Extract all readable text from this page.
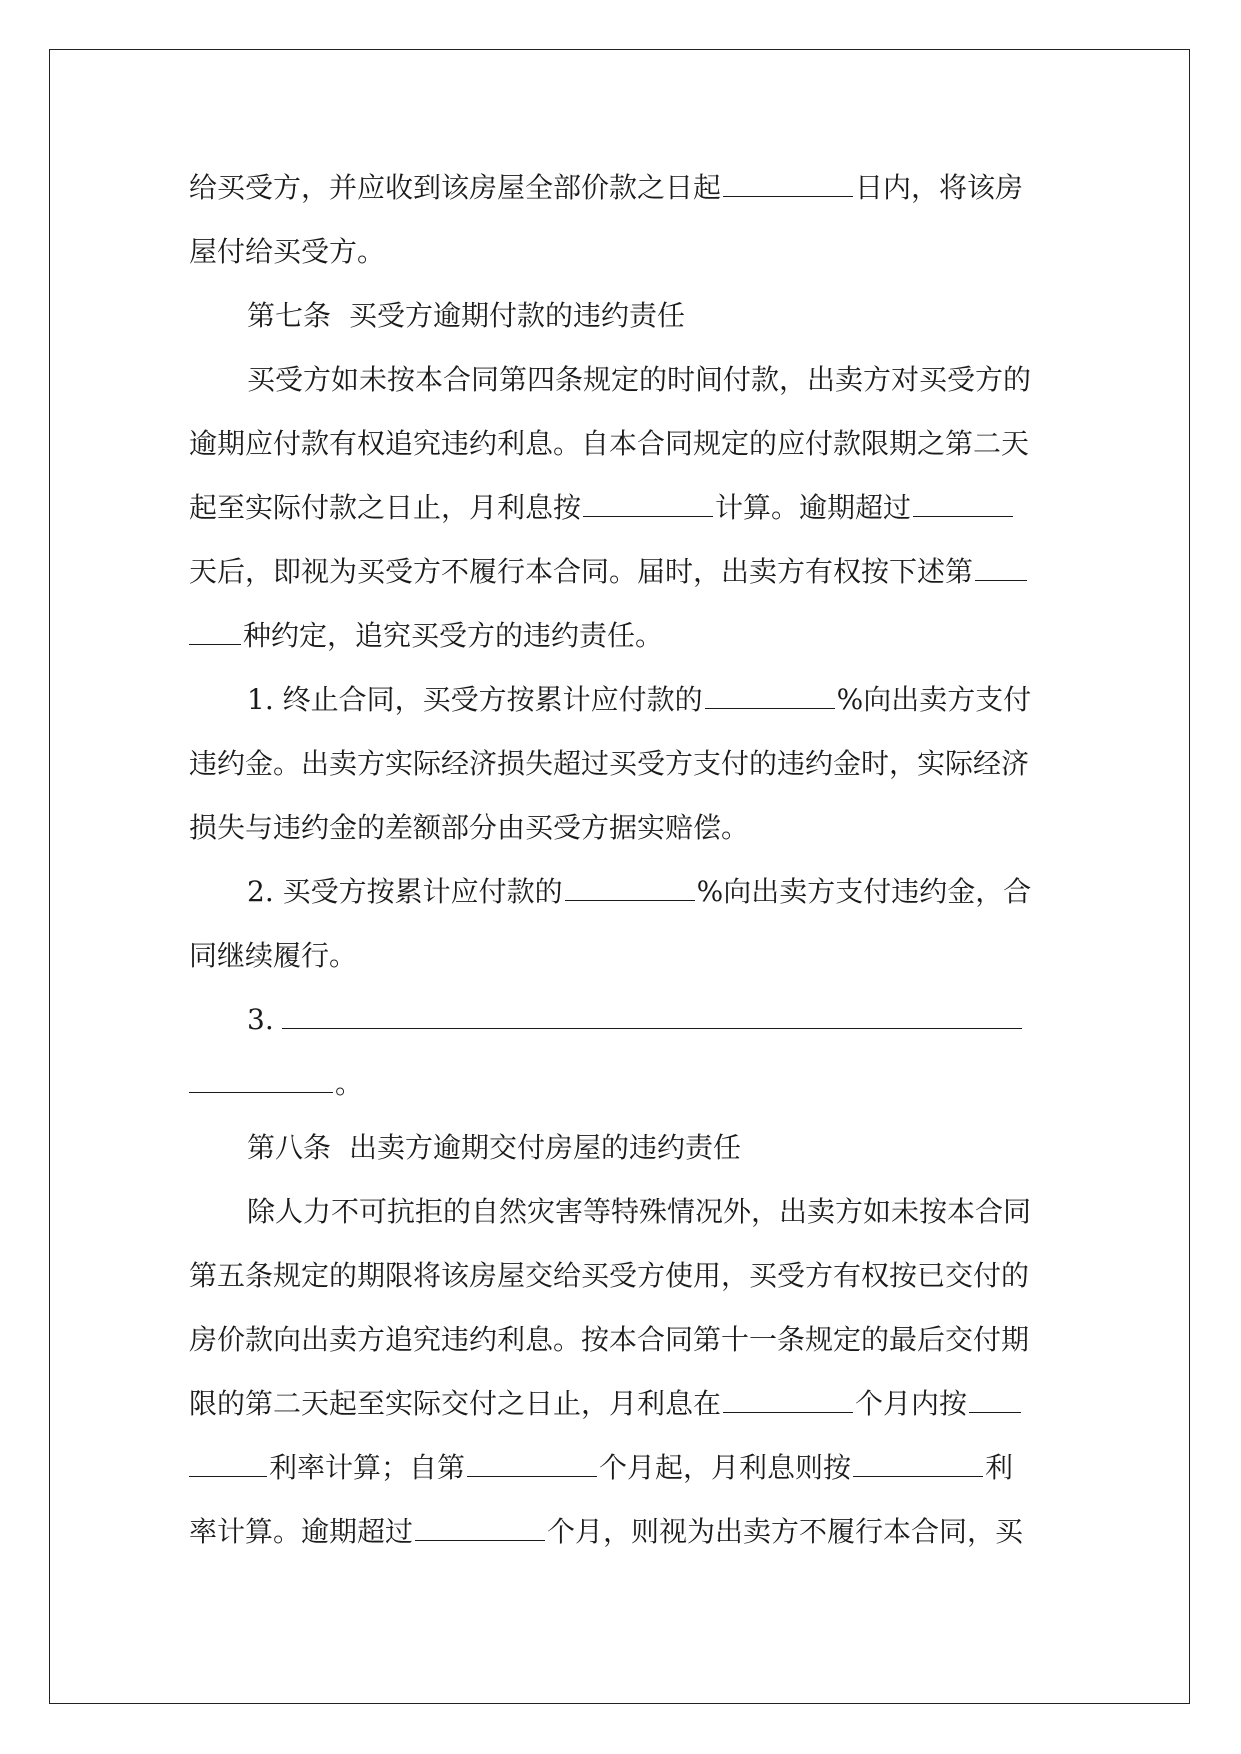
给买受方，并应收到该房屋全部价款之日起	日内，将该房
屋付给买受方。
第七条 买受方逾期付款的违约责任
买受方如未按本合同第四条规定的时间付款，出卖方对买受方的
逾期应付款有权追究违约利息。自本合同规定的应付款限期之第二天
起至实际付款之日止，月利息按	计算。逾期超过
天后，即视为买受方不履行本合同。届时，出卖方有权按下述第
种约定，追究买受方的违约责任。
1. 终止合同，买受方按累计应付款的	%向出卖方支付
违约金。出卖方实际经济损失超过买受方支付的违约金时，实际经济
损失与违约金的差额部分由买受方据实赔偿。
2. 买受方按累计应付款的	%向出卖方支付违约金，合
同继续履行。
3.
。
第八条 出卖方逾期交付房屋的违约责任
除人力不可抗拒的自然灾害等特殊情况外，出卖方如未按本合同
第五条规定的期限将该房屋交给买受方使用，买受方有权按已交付的
房价款向出卖方追究违约利息。按本合同第十一条规定的最后交付期
限的第二天起至实际交付之日止，月利息在	个月内按
利率计算；自第	个月起，月利息则按	利
率计算。逾期超过	个月，则视为出卖方不履行本合同，买
